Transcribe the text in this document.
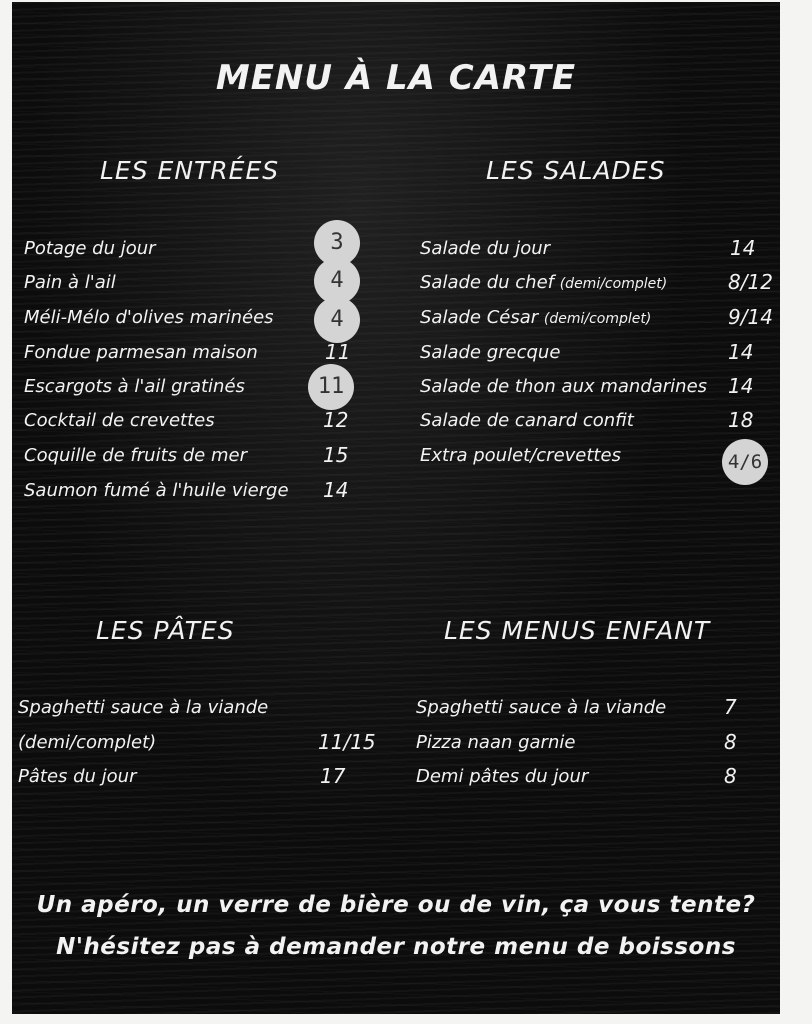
MENU À LA CARTE
LES ENTRÉES
Potage du jour	3
Pain à l'ail	4
Méli-Mélo d'olives marinées	4
Fondue parmesan maison	11
Escargots à l'ail gratinés	11
Cocktail de crevettes	12
Coquille de fruits de mer	15
Saumon fumé à l'huile vierge 14
LES SALADES
Salade du jour	14
Salade du chef (demi/complet)	8/12
Salade César (demi/complet)	9/14
Salade grecque	14
Salade de thon aux mandarines 14
Salade de canard confit	18
Extra poulet/crevettes	4/6
LES PÂTES
Spaghetti sauce à la viande
(demi/complet)	11/15
Pâtes du jour	17
LES MENUS ENFANT
Spaghetti sauce à la viande	7
Pizza naan garnie	8
Demi pâtes du jour	8
Un apéro, un verre de bière ou de vin, ça vous tente?
N'hésitez pas à demander notre menu de boissons
